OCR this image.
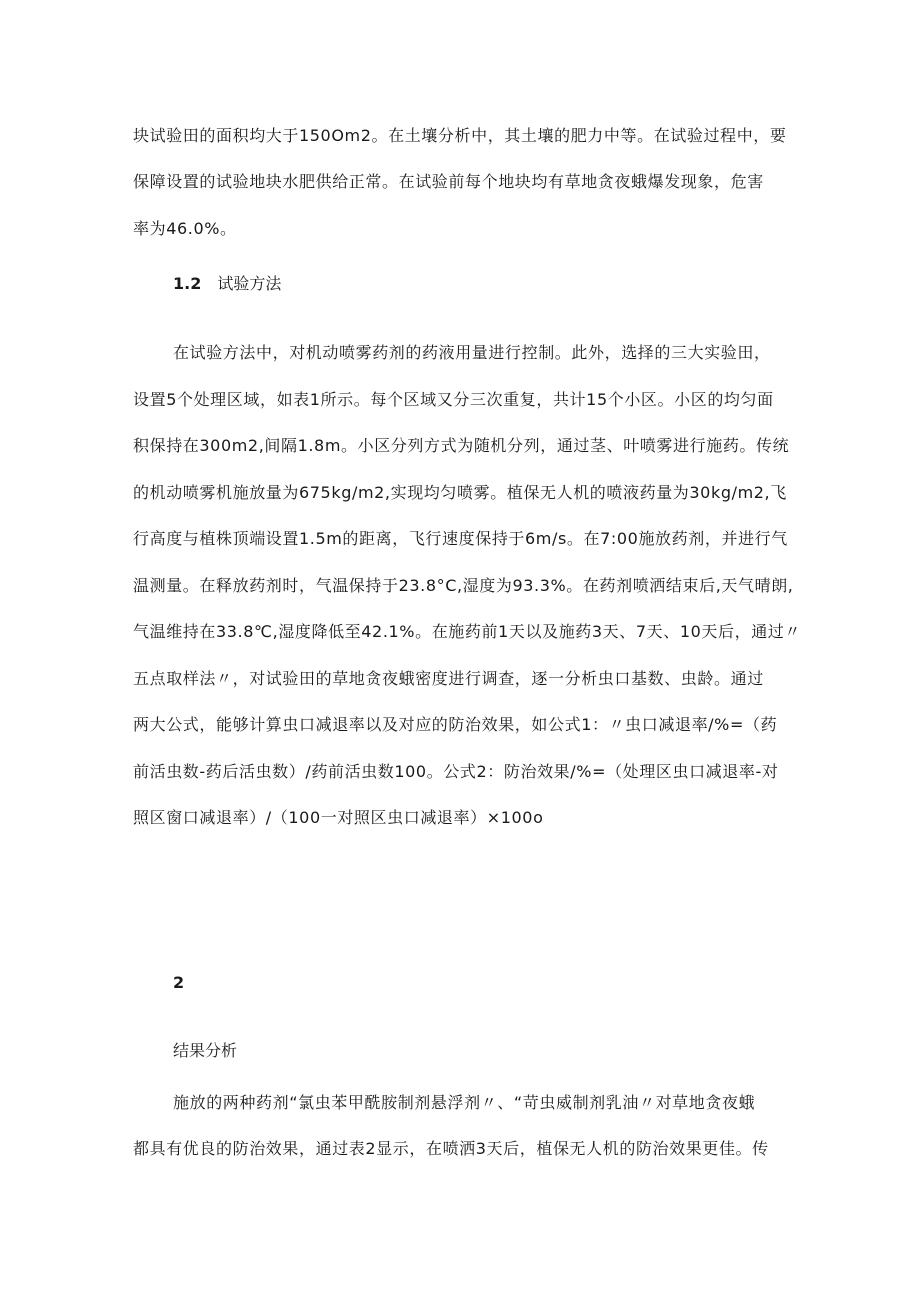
块试验田的面积均大于150Om2。在土壤分析中，其土壤的肥力中等。在试验过程中，要

保障设置的试验地块水肥供给正常。在试验前每个地块均有草地贪夜蛾爆发现象，危害

率为46.0%。

1.2 试验方法

在试验方法中，对机动喷雾药剂的药液用量进行控制。此外，选择的三大实验田，

设置5个处理区域，如表1所示。每个区域又分三次重复，共计15个小区。小区的均匀面

积保持在300m2,间隔1.8m。小区分列方式为随机分列，通过茎、叶喷雾进行施药。传统

的机动喷雾机施放量为675kg/m2,实现均匀喷雾。植保无人机的喷液药量为30kg/m2,飞

行高度与植株顶端设置1.5m的距离，飞行速度保持于6m/s。在7:00施放药剂，并进行气

温测量。在释放药剂时，气温保持于23.8°C,湿度为93.3%。在药剂喷洒结束后,天气晴朗,

气温维持在33.8℃,湿度降低至42.1%。在施药前1天以及施药3天、7天、10天后，通过〃

五点取样法〃，对试验田的草地贪夜蛾密度进行调查，逐一分析虫口基数、虫龄。通过

两大公式，能够计算虫口减退率以及对应的防治效果，如公式1：〃虫口减退率/%=（药

前活虫数-药后活虫数）/药前活虫数100。公式2：防治效果/%=（处理区虫口减退率-对

照区窗口减退率）/（100一对照区虫口减退率）×100o

2

结果分析

施放的两种药剂“氯虫苯甲酰胺制剂悬浮剂〃、“苛虫威制剂乳油〃对草地贪夜蛾

都具有优良的防治效果，通过表2显示，在喷洒3天后，植保无人机的防治效果更佳。传
